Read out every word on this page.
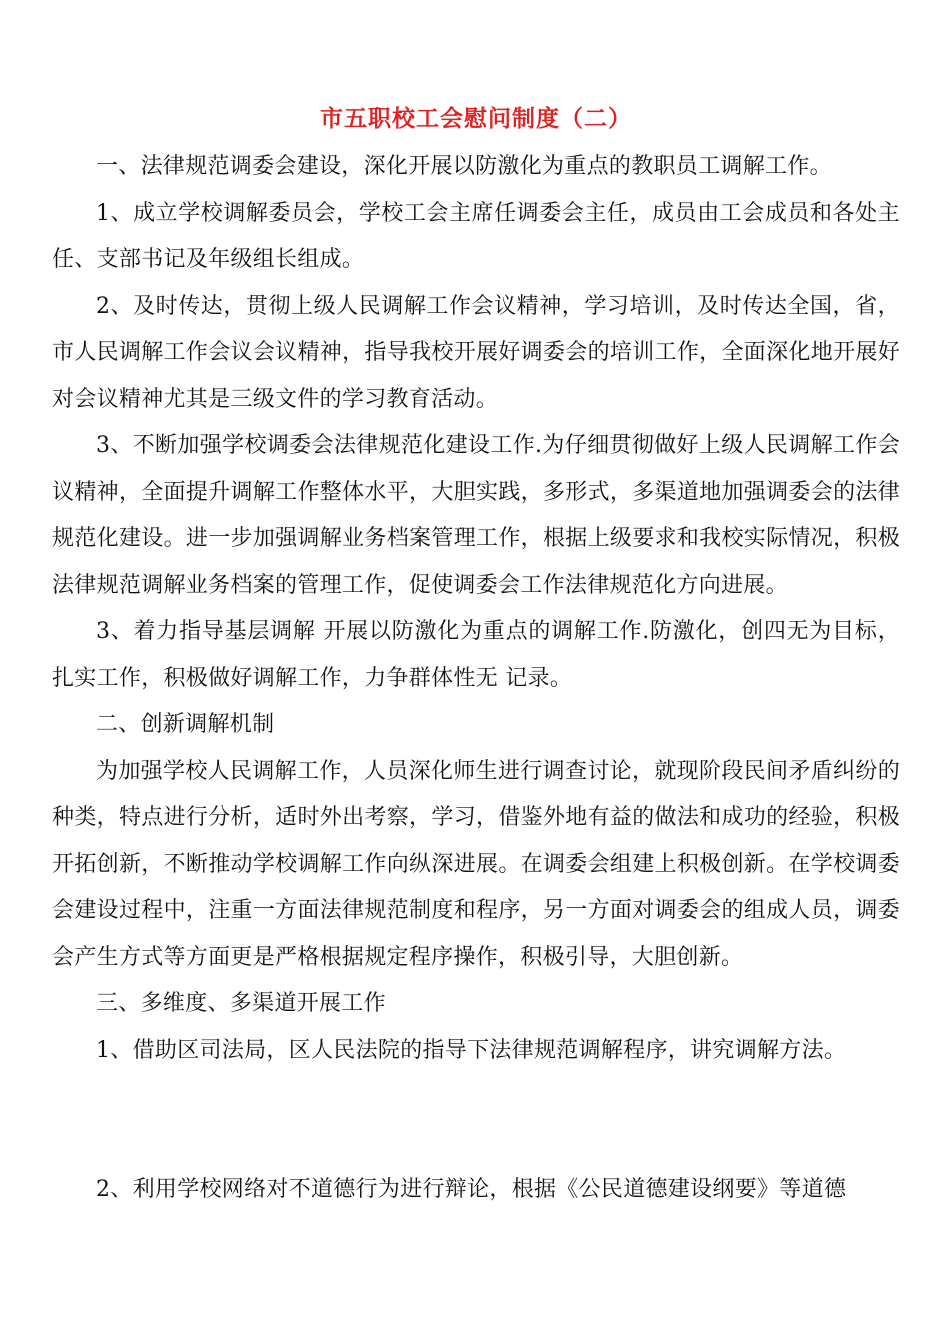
市五职校工会慰问制度（二）

一、法律规范调委会建设，深化开展以防激化为重点的教职员工调解工作。

1、成立学校调解委员会，学校工会主席任调委会主任，成员由工会成员和各处主任、支部书记及年级组长组成。

2、及时传达，贯彻上级人民调解工作会议精神，学习培训，及时传达全国，省，市人民调解工作会议会议精神，指导我校开展好调委会的培训工作，全面深化地开展好对会议精神尤其是三级文件的学习教育活动。

3、不断加强学校调委会法律规范化建设工作.为仔细贯彻做好上级人民调解工作会议精神，全面提升调解工作整体水平，大胆实践，多形式，多渠道地加强调委会的法律规范化建设。进一步加强调解业务档案管理工作，根据上级要求和我校实际情况，积极法律规范调解业务档案的管理工作，促使调委会工作法律规范化方向进展。

3、着力指导基层调解 开展以防激化为重点的调解工作.防激化，创四无为目标，扎实工作，积极做好调解工作，力争群体性无 记录。

二、创新调解机制

为加强学校人民调解工作，人员深化师生进行调查讨论，就现阶段民间矛盾纠纷的种类，特点进行分析，适时外出考察，学习，借鉴外地有益的做法和成功的经验，积极开拓创新，不断推动学校调解工作向纵深进展。在调委会组建上积极创新。在学校调委会建设过程中，注重一方面法律规范制度和程序，另一方面对调委会的组成人员，调委会产生方式等方面更是严格根据规定程序操作，积极引导，大胆创新。

三、多维度、多渠道开展工作

1、借助区司法局，区人民法院的指导下法律规范调解程序，讲究调解方法。

2、利用学校网络对不道德行为进行辩论，根据《公民道德建设纲要》等道德
